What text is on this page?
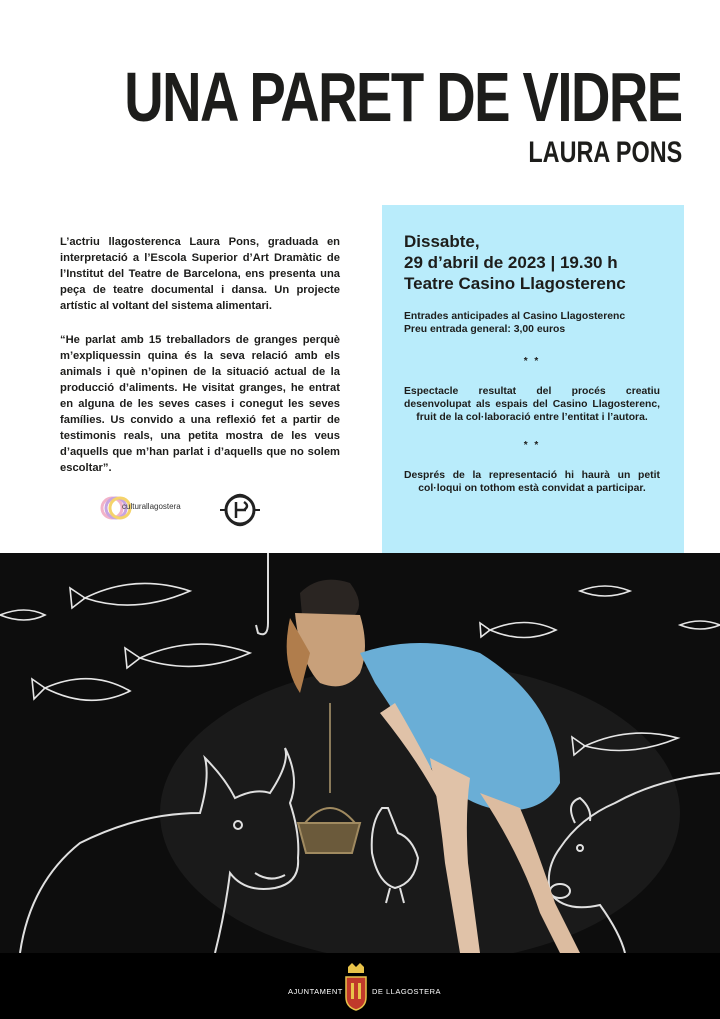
UNA PARET DE VIDRE
LAURA PONS

L’actriu llagosterenca Laura Pons, graduada en interpretació a l’Escola Superior d’Art Dramàtic de l’Institut del Teatre de Barcelona, ens presenta una peça de teatre documental i dansa. Un projecte artístic al voltant del sistema alimentari.

“He parlat amb 15 treballadors de granges perquè m’expliquessin quina és la seva relació amb els animals i què n’opinen de la situació actual de la producció d’aliments. He visitat granges, he entrat en alguna de les seves cases i conegut les seves famílies. Us convido a una reflexió fet a partir de testimonis reals, una petita mostra de les veus d’aquells que m’han parlat i d’aquells que no solem escoltar”.

culturallagostera

Dissabte,

29 d’abril de 2023 | 19.30 h

Teatre Casino Llagosterenc

Entrades anticipades al Casino Llagosterenc

Preu entrada general: 3,00 euros

* *

Espectacle resultat del procés creatiu desenvolupat als espais del Casino Llagosterenc, fruit de la col·laboració entre l’entitat i l’autora.

* *

Després de la representació hi haurà un petit col·loqui on tothom està convidat a participar.

AJUNTAMENT	DE LLAGOSTERA
